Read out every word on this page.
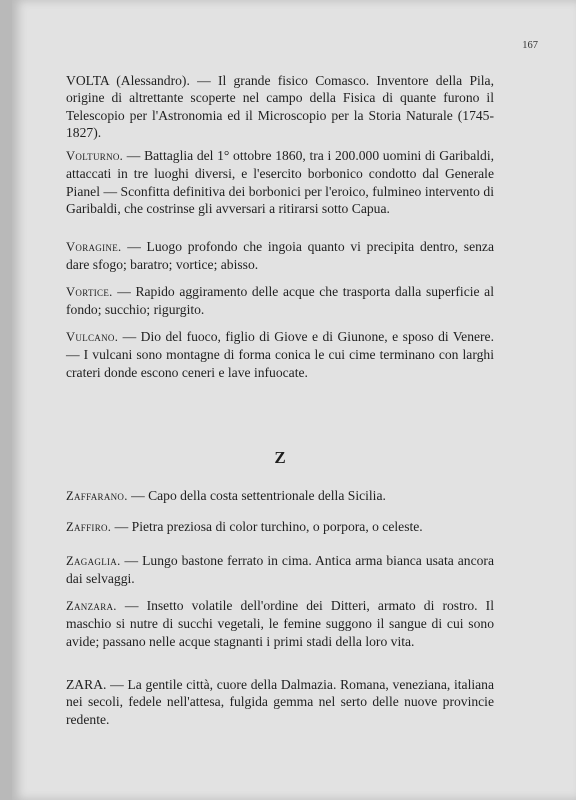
167

VOLTA (Alessandro). — Il grande fisico Comasco. Inventore della Pila, origine di altrettante scoperte nel campo della Fisica di quante furono il Telescopio per l'Astronomia ed il Microscopio per la Storia Naturale (1745-1827).

Volturno. — Battaglia del 1° ottobre 1860, tra i 200.000 uomini di Garibaldi, attaccati in tre luoghi diversi, e l'esercito borbonico condotto dal Generale Pianel — Sconfitta definitiva dei borbonici per l'eroico, fulmineo intervento di Garibaldi, che costrinse gli avversari a ritirarsi sotto Capua.

Voragine. — Luogo profondo che ingoia quanto vi precipita dentro, senza dare sfogo; baratro; vortice; abisso.

Vortice. — Rapido aggiramento delle acque che trasporta dalla superficie al fondo; succhio; rigurgito.

Vulcano. — Dio del fuoco, figlio di Giove e di Giunone, e sposo di Venere. — I vulcani sono montagne di forma conica le cui cime terminano con larghi crateri donde escono ceneri e lave infuocate.

Z

Zaffarano. — Capo della costa settentrionale della Sicilia.

Zaffiro. — Pietra preziosa di color turchino, o porpora, o celeste.

Zagaglia. — Lungo bastone ferrato in cima. Antica arma bianca usata ancora dai selvaggi.

Zanzara. — Insetto volatile dell'ordine dei Ditteri, armato di rostro. Il maschio si nutre di succhi vegetali, le femine suggono il sangue di cui sono avide; passano nelle acque stagnanti i primi stadi della loro vita.

ZARA. — La gentile città, cuore della Dalmazia. Romana, veneziana, italiana nei secoli, fedele nell'attesa, fulgida gemma nel serto delle nuove provincie redente.
